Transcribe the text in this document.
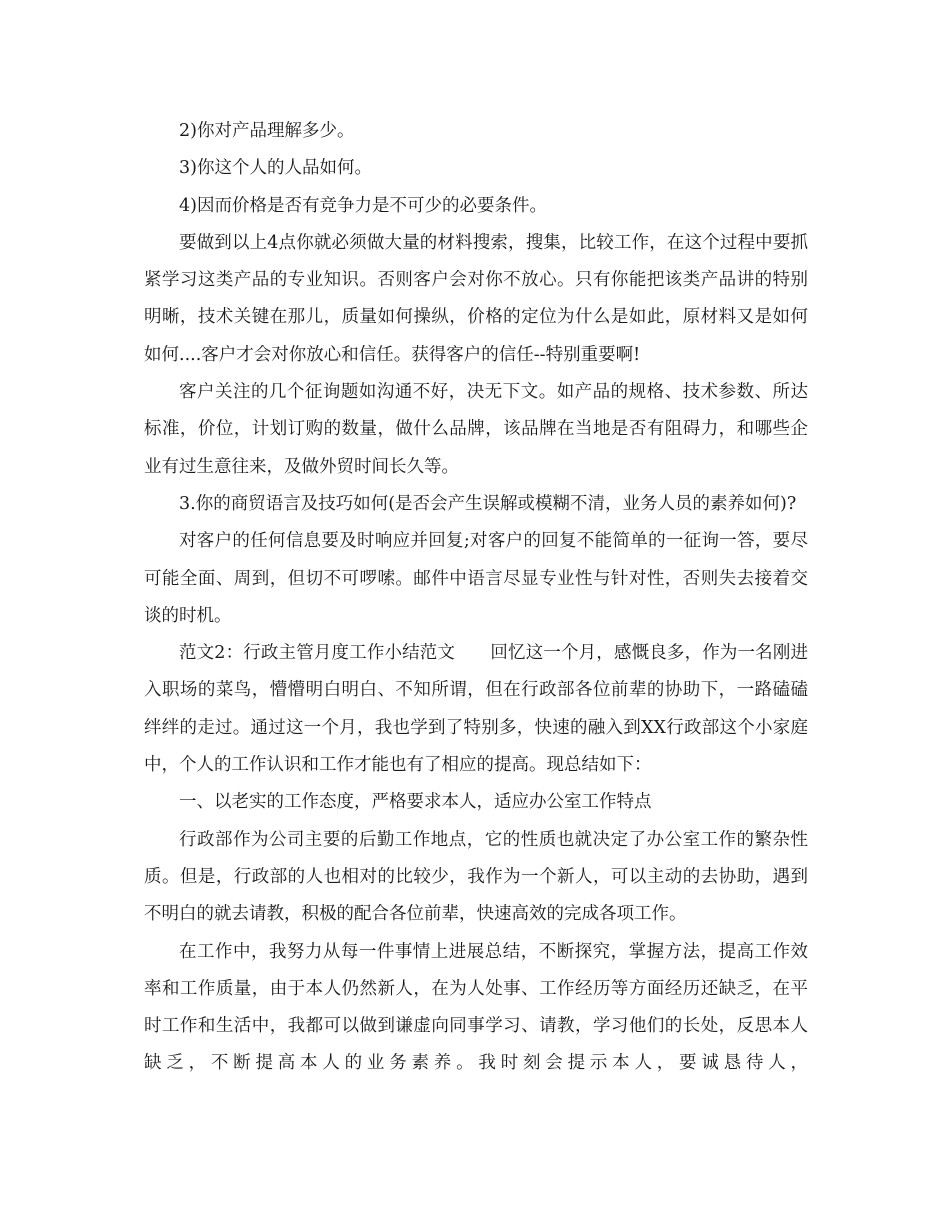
2)你对产品理解多少。

3)你这个人的人品如何。

4)因而价格是否有竞争力是不可少的必要条件。

要做到以上4点你就必须做大量的材料搜索，搜集，比较工作，在这个过程中要抓紧学习这类产品的专业知识。否则客户会对你不放心。只有你能把该类产品讲的特别明晰，技术关键在那儿，质量如何操纵，价格的定位为什么是如此，原材料又是如何如何....客户才会对你放心和信任。获得客户的信任--特别重要啊!

客户关注的几个征询题如沟通不好，决无下文。如产品的规格、技术参数、所达标准，价位，计划订购的数量，做什么品牌，该品牌在当地是否有阻碍力，和哪些企业有过生意往来，及做外贸时间长久等。

3.你的商贸语言及技巧如何(是否会产生误解或模糊不清，业务人员的素养如何)?

对客户的任何信息要及时响应并回复;对客户的回复不能简单的一征询一答，要尽可能全面、周到，但切不可啰嗦。邮件中语言尽显专业性与针对性，否则失去接着交谈的时机。

范文2：行政主管月度工作小结范文　　回忆这一个月，感慨良多，作为一名刚进入职场的菜鸟，懵懵明白明白、不知所谓，但在行政部各位前辈的协助下，一路磕磕绊绊的走过。通过这一个月，我也学到了特别多，快速的融入到XX行政部这个小家庭中，个人的工作认识和工作才能也有了相应的提高。现总结如下：

一、以老实的工作态度，严格要求本人，适应办公室工作特点

行政部作为公司主要的后勤工作地点，它的性质也就决定了办公室工作的繁杂性质。但是，行政部的人也相对的比较少，我作为一个新人，可以主动的去协助，遇到不明白的就去请教，积极的配合各位前辈，快速高效的完成各项工作。

在工作中，我努力从每一件事情上进展总结，不断探究，掌握方法，提高工作效率和工作质量，由于本人仍然新人，在为人处事、工作经历等方面经历还缺乏，在平时工作和生活中，我都可以做到谦虚向同事学习、请教，学习他们的长处，反思本人缺乏，不断提高本人的业务素养。我时刻会提示本人，要诚恳待人，
